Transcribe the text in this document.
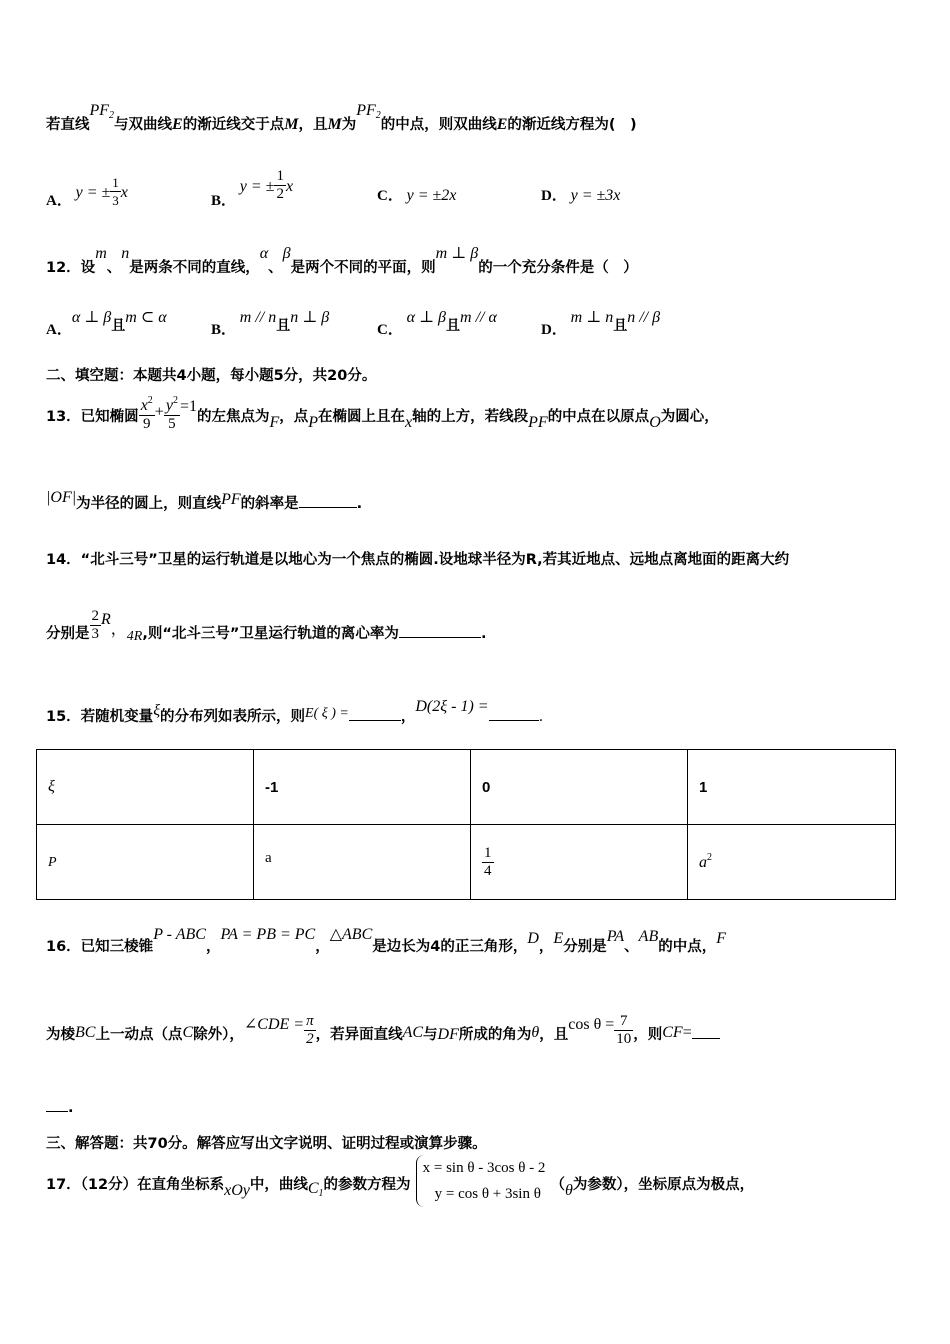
若直线$PF_2$与双曲线E的渐近线交于点M，且M为$PF_2$的中点，则双曲线E的渐近线方程为(　)
A． y = ± $\frac{1}{3}$ x	B． y = ± $\frac{1}{2}$ x
C． y = ±2x	D． y = ±3x
12．设m、n是两条不同的直线，α、β是两个不同的平面，则m ⊥ β的一个充分条件是（　）
A．α ⊥ β且m ⊂ α
B． m // n且n ⊥ β
C． α ⊥ β且m // α
D． m ⊥ n且n // β
二、填空题：本题共4小题，每小题5分，共20分。
13．已知椭圆 $\frac{x^2}{9} + \frac{y^2}{5} =1$的左焦点为F，点P在椭圆上且在x轴的上方，若线段PF的中点在以原点O为圆心，
|OF|为半径的圆上，则直线PF的斜率是	.
14．“北斗三号”卫星的运行轨道是以地心为一个焦点的椭圆.设地球半径为R,若其近地点、远地点离地面的距离大约
分别是 $\frac{2}{3}$ R，4R,则“北斗三号”卫星运行轨道的离心率为	.
15．若随机变量ξ的分布列如表所示，则E( ξ ) =	，D(2ξ - 1) =.
ξ	-1	0	1
P	a	$\frac{1}{4}$	$a^2$
16．已知三棱锥P - ABC，PA = PB = PC，△ABC是边长为4的正三角形，D，E分别是PA、AB的中点，F
为棱BC上一动点（点C除外），∠CDE = $\frac{\pi}{2}$ ，若异面直线AC与DF所成的角为θ，且$\cos \theta = \frac{7}{10}$ ，则CF=
.
三、解答题：共70分。解答应写出文字说明、证明过程或演算步骤。
17．（12分）在直角坐标系xOy中，曲线$C_1$的参数方程为
x = sin θ - 3cos θ - 2
y = cos θ + 3sin θ
（θ为参数），坐标原点为极点，
